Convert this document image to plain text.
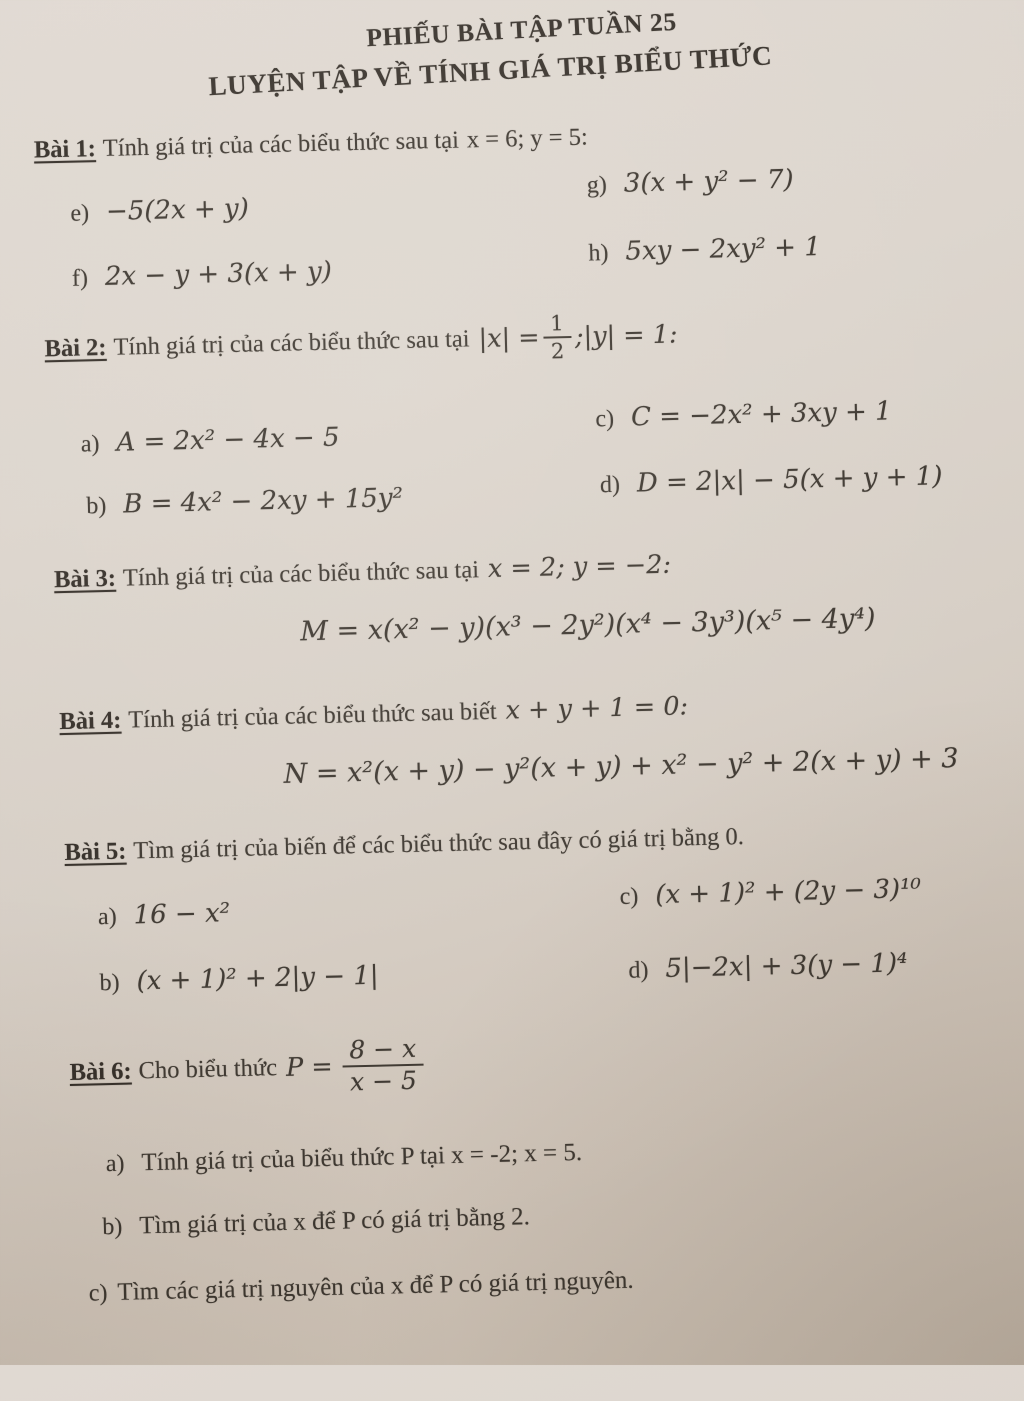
PHIẾU BÀI TẬP TUẦN 25
LUYỆN TẬP VỀ TÍNH GIÁ TRỊ BIỂU THỨC
Bài 1: Tính giá trị của các biểu thức sau tại x = 6; y = 5:
e) −5(2x + y)
g) 3(x + y² − 7)
f) 2x − y + 3(x + y)
h) 5xy − 2xy² + 1
Bài 2: Tính giá trị của các biểu thức sau tại $|x| = \frac{1}{2}$ ;|y| = 1:
a) A = 2x² − 4x − 5
c) C = −2x² + 3xy + 1
b) B = 4x² − 2xy + 15y²	d) D = 2|x| − 5(x + y + 1)
Bài 3: Tính giá trị của các biểu thức sau tại x = 2; y = −2:
M = x(x² − y)(x³ − 2y²)(x⁴ − 3y³)(x⁵ − 4y⁴)
Bài 4: Tính giá trị của các biểu thức sau biết x + y + 1 = 0:
N = x²(x + y) − y²(x + y) + x² − y² + 2(x + y) + 3
Bài 5: Tìm giá trị của biến để các biểu thức sau đây có giá trị bằng 0.
a) 16 − x²
c) (x + 1)² + (2y − 3)¹⁰
b) (x + 1)² + 2|y − 1|	d) 5|−2x| + 3(y − 1)⁴
Bài 6: Cho biểu thức $P = \frac{8 - x}{x - 5}$
a) Tính giá trị của biểu thức P tại x = -2; x = 5.
b) Tìm giá trị của x để P có giá trị bằng 2.
c) Tìm các giá trị nguyên của x để P có giá trị nguyên.
